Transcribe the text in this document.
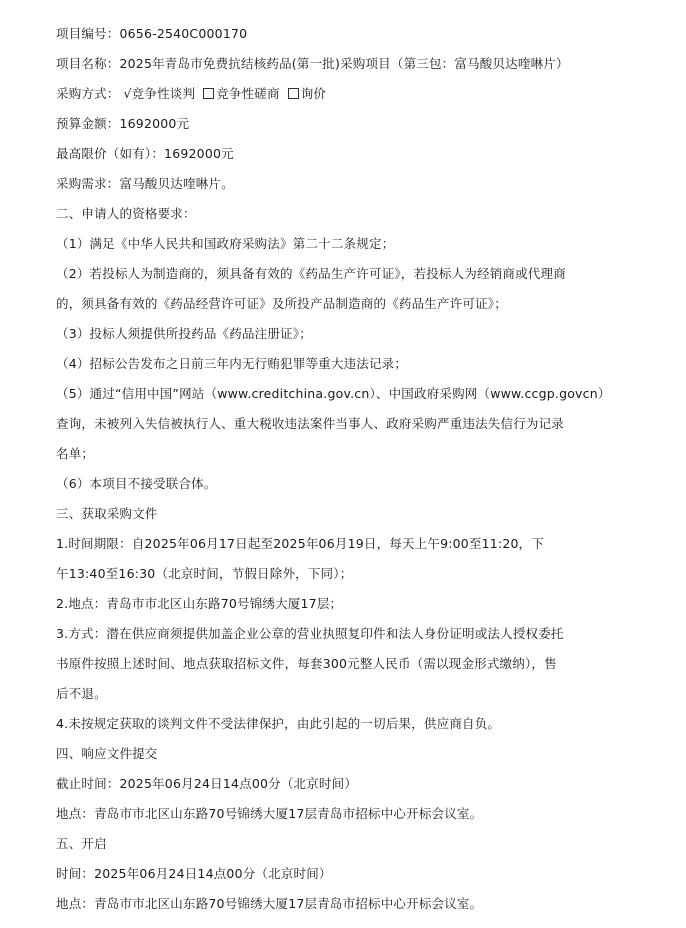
项目编号：0656-2540C000170
项目名称：2025年青岛市免费抗结核药品(第一批)采购项目（第三包：富马酸贝达喹啉片）
采购方式： √竞争性谈判 竞争性磋商 询价
预算金额：1692000元
最高限价（如有）：1692000元
采购需求：富马酸贝达喹啉片。
二、申请人的资格要求：
（1）满足《中华人民共和国政府采购法》第二十二条规定；
（2）若投标人为制造商的，须具备有效的《药品生产许可证》，若投标人为经销商或代理商
的，须具备有效的《药品经营许可证》及所投产品制造商的《药品生产许可证》；
（3）投标人须提供所投药品《药品注册证》；
（4）招标公告发布之日前三年内无行贿犯罪等重大违法记录；
（5）通过“信用中国”网站（www.creditchina.gov.cn）、中国政府采购网（www.ccgp.govcn）
查询，未被列入失信被执行人、重大税收违法案件当事人、政府采购严重违法失信行为记录
名单；
（6）本项目不接受联合体。
三、获取采购文件
1.时间期限：自2025年06月17日起至2025年06月19日，每天上午9:00至11:20，下
午13:40至16:30（北京时间，节假日除外，下同）；
2.地点：青岛市市北区山东路70号锦绣大厦17层；
3.方式：潜在供应商须提供加盖企业公章的营业执照复印件和法人身份证明或法人授权委托
书原件按照上述时间、地点获取招标文件，每套300元整人民币（需以现金形式缴纳），售
后不退。
4.未按规定获取的谈判文件不受法律保护，由此引起的一切后果，供应商自负。
四、响应文件提交
截止时间：2025年06月24日14点00分（北京时间）
地点：青岛市市北区山东路70号锦绣大厦17层青岛市招标中心开标会议室。
五、开启
时间：2025年06月24日14点00分（北京时间）
地点：青岛市市北区山东路70号锦绣大厦17层青岛市招标中心开标会议室。
